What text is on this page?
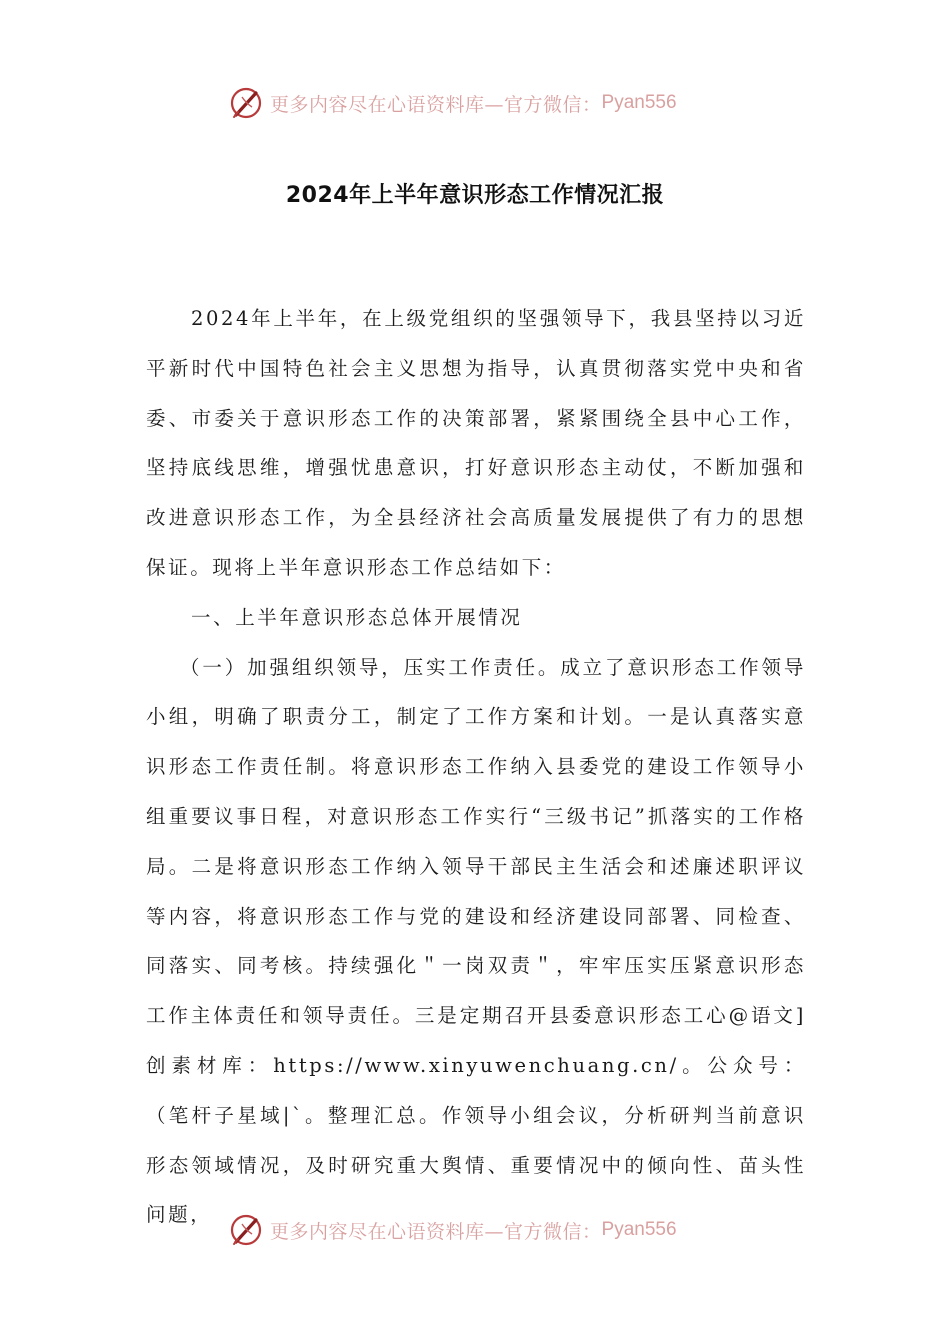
更多内容尽在心语资料库—官方微信： Pyan556
2024年上半年意识形态工作情况汇报

2024年上半年，在上级党组织的坚强领导下，我县坚持以习近平新时代中国特色社会主义思想为指导，认真贯彻落实党中央和省委、市委关于意识形态工作的决策部署，紧紧围绕全县中心工作，坚持底线思维，增强忧患意识，打好意识形态主动仗，不断加强和改进意识形态工作，为全县经济社会高质量发展提供了有力的思想保证。现将上半年意识形态工作总结如下：

一、上半年意识形态总体开展情况

（一）加强组织领导，压实工作责任。成立了意识形态工作领导小组，明确了职责分工，制定了工作方案和计划。一是认真落实意识形态工作责任制。将意识形态工作纳入县委党的建设工作领导小组重要议事日程，对意识形态工作实行“三级书记”抓落实的工作格局。二是将意识形态工作纳入领导干部民主生活会和述廉述职评议等内容，将意识形态工作与党的建设和经济建设同部署、同检查、同落实、同考核。持续强化＂一岗双责＂，牢牢压实压紧意识形态工作主体责任和领导责任。三是定期召开县委意识形态工心@语文]创素材库：https://www.xinyuwenchuang.cn/。公众号：（笔杆子星域|`。整理汇总。作领导小组会议，分析研判当前意识形态领域情况，及时研究重大舆情、重要情况中的倾向性、苗头性问题，

更多内容尽在心语资料库—官方微信： Pyan556
